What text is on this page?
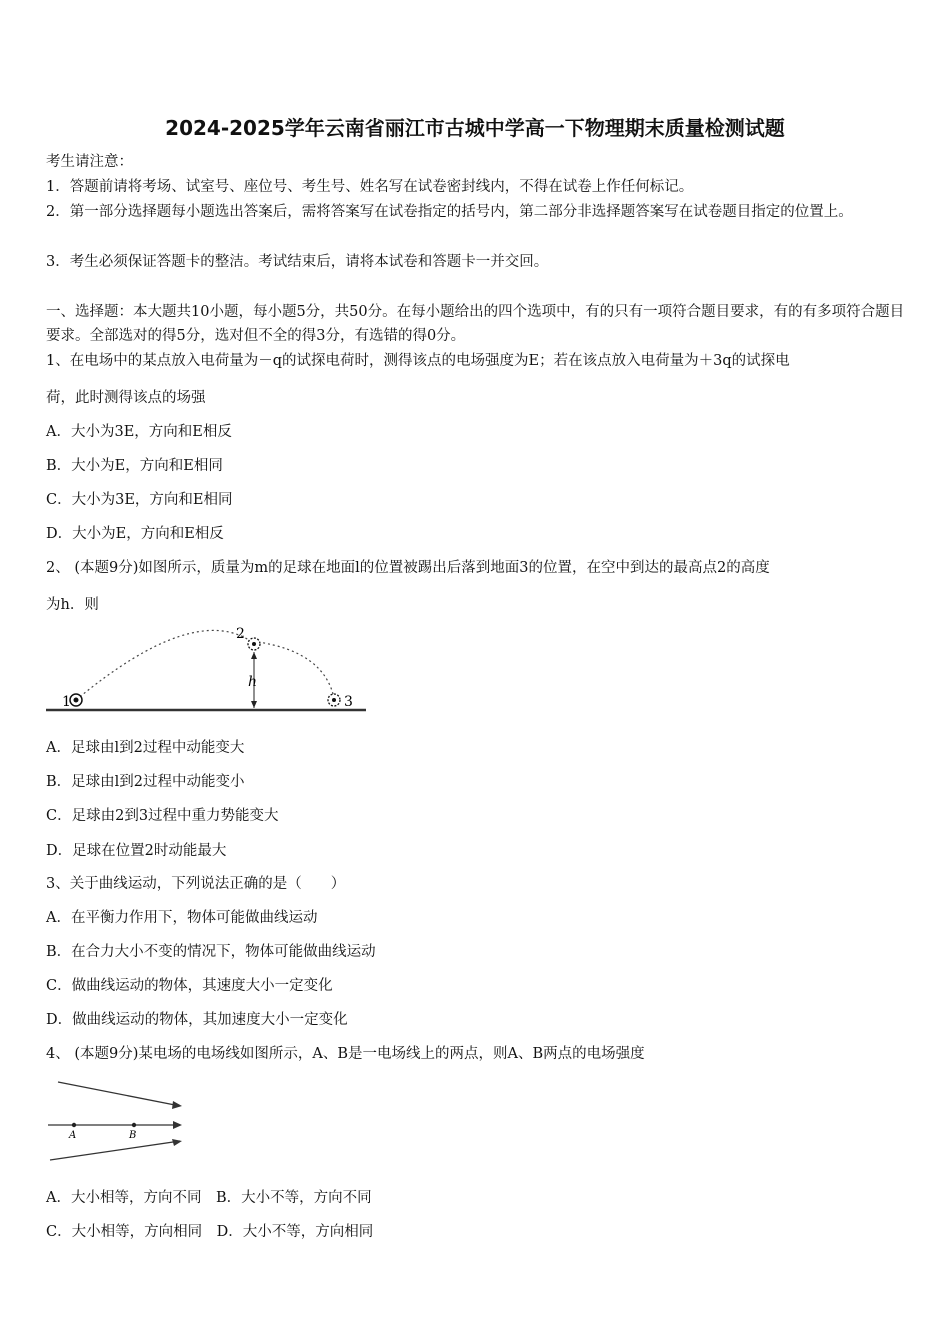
2024-2025学年云南省丽江市古城中学高一下物理期末质量检测试题
考生请注意：
1．答题前请将考场、试室号、座位号、考生号、姓名写在试卷密封线内，不得在试卷上作任何标记。
2．第一部分选择题每小题选出答案后，需将答案写在试卷指定的括号内，第二部分非选择题答案写在试卷题目指定的位置上。
3．考生必须保证答题卡的整洁。考试结束后，请将本试卷和答题卡一并交回。
一、选择题：本大题共10小题，每小题5分，共50分。在每小题给出的四个选项中，有的只有一项符合题目要求，有的有多项符合题目要求。全部选对的得5分，选对但不全的得3分，有选错的得0分。
1、在电场中的某点放入电荷量为－q的试探电荷时，测得该点的电场强度为E；若在该点放入电荷量为＋3q的试探电
荷，此时测得该点的场强
A．大小为3E，方向和E相反
B．大小为E，方向和E相同
C．大小为3E，方向和E相同
D．大小为E，方向和E相反
2、 (本题9分)如图所示，质量为m的足球在地面l的位置被踢出后落到地面3的位置，在空中到达的最高点2的高度
为h．则
1
2
3
h
A．足球由l到2过程中动能变大
B．足球由l到2过程中动能变小
C．足球由2到3过程中重力势能变大
D．足球在位置2时动能最大
3、关于曲线运动，下列说法正确的是（　　）
A．在平衡力作用下，物体可能做曲线运动
B．在合力大小不变的情况下，物体可能做曲线运动
C．做曲线运动的物体，其速度大小一定变化
D．做曲线运动的物体，其加速度大小一定变化
4、 (本题9分)某电场的电场线如图所示，A、B是一电场线上的两点，则A、B两点的电场强度
A	B
A．大小相等，方向不同　B．大小不等，方向不同
C．大小相等，方向相同　D．大小不等，方向相同
